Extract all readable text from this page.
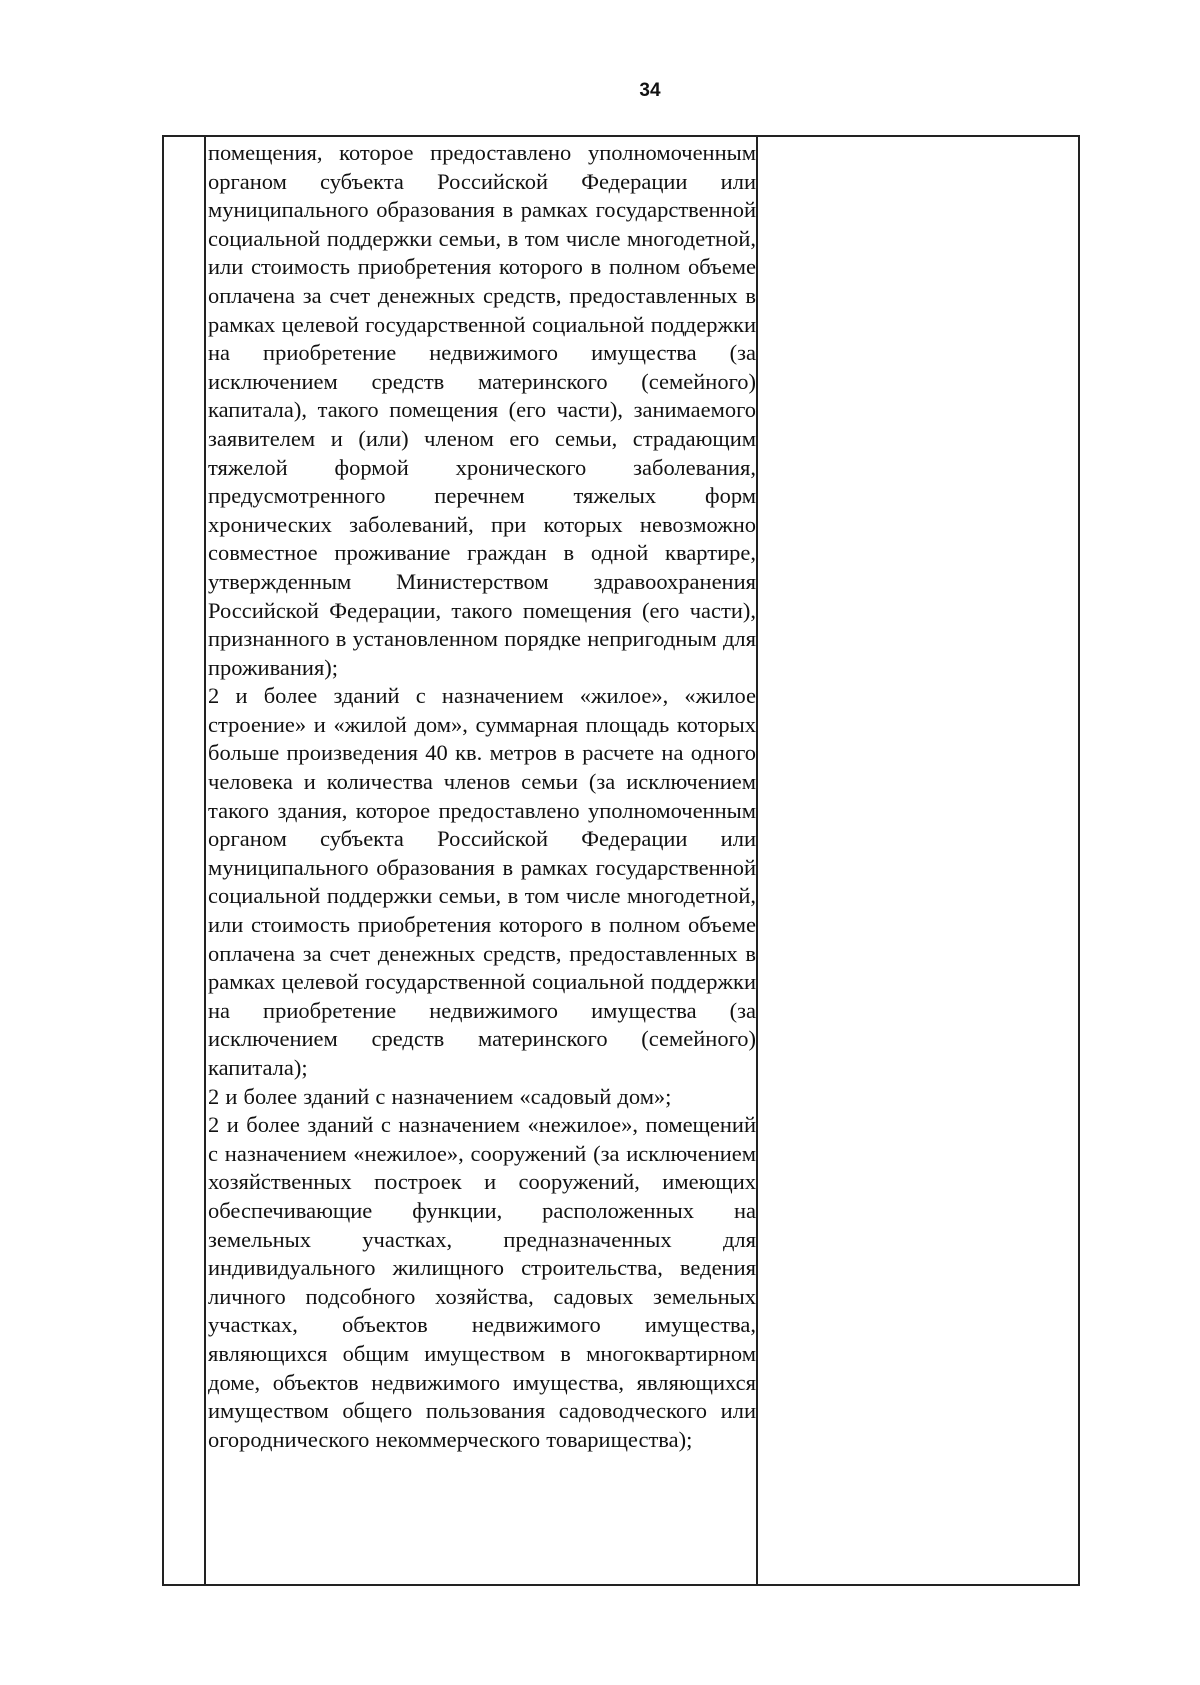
34

помещения, которое предоставлено уполномоченным органом субъекта Российской Федерации или муниципального образования в рамках государственной социальной поддержки семьи, в том числе многодетной, или стоимость приобретения которого в полном объеме оплачена за счет денежных средств, предоставленных в рамках целевой государственной социальной поддержки на приобретение недвижимого имущества (за исключением средств материнского (семейного) капитала), такого помещения (его части), занимаемого заявителем и (или) членом его семьи, страдающим тяжелой формой хронического заболевания, предусмотренного перечнем тяжелых форм хронических заболеваний, при которых невозможно совместное проживание граждан в одной квартире, утвержденным Министерством здравоохранения Российской Федерации, такого помещения (его части), признанного в установленном порядке непригодным для проживания);
2 и более зданий с назначением «жилое», «жилое строение» и «жилой дом», суммарная площадь которых больше произведения 40 кв. метров в расчете на одного человека и количества членов семьи (за исключением такого здания, которое предоставлено уполномоченным органом субъекта Российской Федерации или муниципального образования в рамках государственной социальной поддержки семьи, в том числе многодетной, или стоимость приобретения которого в полном объеме оплачена за счет денежных средств, предоставленных в рамках целевой государственной социальной поддержки на приобретение недвижимого имущества (за исключением средств материнского (семейного) капитала);
2 и более зданий с назначением «садовый дом»;
2 и более зданий с назначением «нежилое», помещений с назначением «нежилое», сооружений (за исключением хозяйственных построек и сооружений, имеющих обеспечивающие функции, расположенных на земельных участках, предназначенных для индивидуального жилищного строительства, ведения личного подсобного хозяйства, садовых земельных участках, объектов недвижимого имущества, являющихся общим имуществом в многоквартирном доме, объектов недвижимого имущества, являющихся имуществом общего пользования садоводческого или огороднического некоммерческого товарищества);
